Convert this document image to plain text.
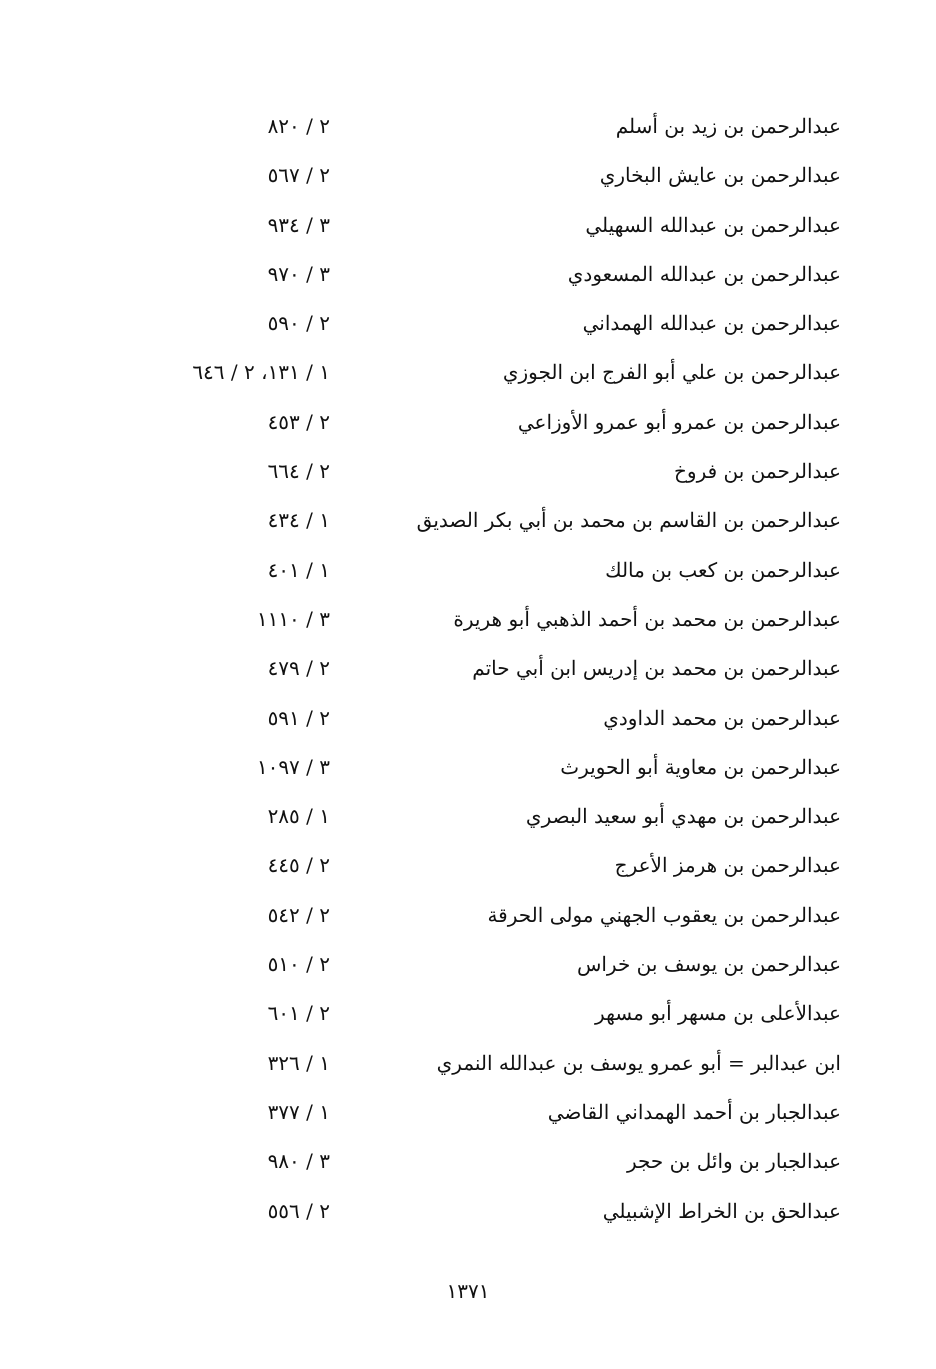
عبدالرحمن بن زيد بن أسلم
٢ / ٨٢٠
عبدالرحمن بن عايش البخاري
٢ / ٥٦٧
عبدالرحمن بن عبدالله السهيلي
٣ / ٩٣٤
عبدالرحمن بن عبدالله المسعودي
٣ / ٩٧٠
عبدالرحمن بن عبدالله الهمداني
٢ / ٥٩٠
عبدالرحمن بن علي أبو الفرج ابن الجوزي
١ / ١٣١، ٢ / ٦٤٦
عبدالرحمن بن عمرو أبو عمرو الأوزاعي
٢ / ٤٥٣
عبدالرحمن بن فروخ
٢ / ٦٦٤
عبدالرحمن بن القاسم بن محمد بن أبي بكر الصديق
١ / ٤٣٤
عبدالرحمن بن كعب بن مالك
١ / ٤٠١
عبدالرحمن بن محمد بن أحمد الذهبي أبو هريرة
٣ / ١١١٠
عبدالرحمن بن محمد بن إدريس ابن أبي حاتم
٢ / ٤٧٩
عبدالرحمن بن محمد الداودي
٢ / ٥٩١
عبدالرحمن بن معاوية أبو الحويرث
٣ / ١٠٩٧
عبدالرحمن بن مهدي أبو سعيد البصري
١ / ٢٨٥
عبدالرحمن بن هرمز الأعرج
٢ / ٤٤٥
عبدالرحمن بن يعقوب الجهني مولى الحرقة
٢ / ٥٤٢
عبدالرحمن بن يوسف بن خراس
٢ / ٥١٠
عبدالأعلى بن مسهر أبو مسهر
٢ / ٦٠١
ابن عبدالبر = أبو عمرو يوسف بن عبدالله النمري
١ / ٣٢٦
عبدالجبار بن أحمد الهمداني القاضي
١ / ٣٧٧
عبدالجبار بن وائل بن حجر
٣ / ٩٨٠
عبدالحق بن الخراط الإشبيلي
٢ / ٥٥٦
١٣٧١
